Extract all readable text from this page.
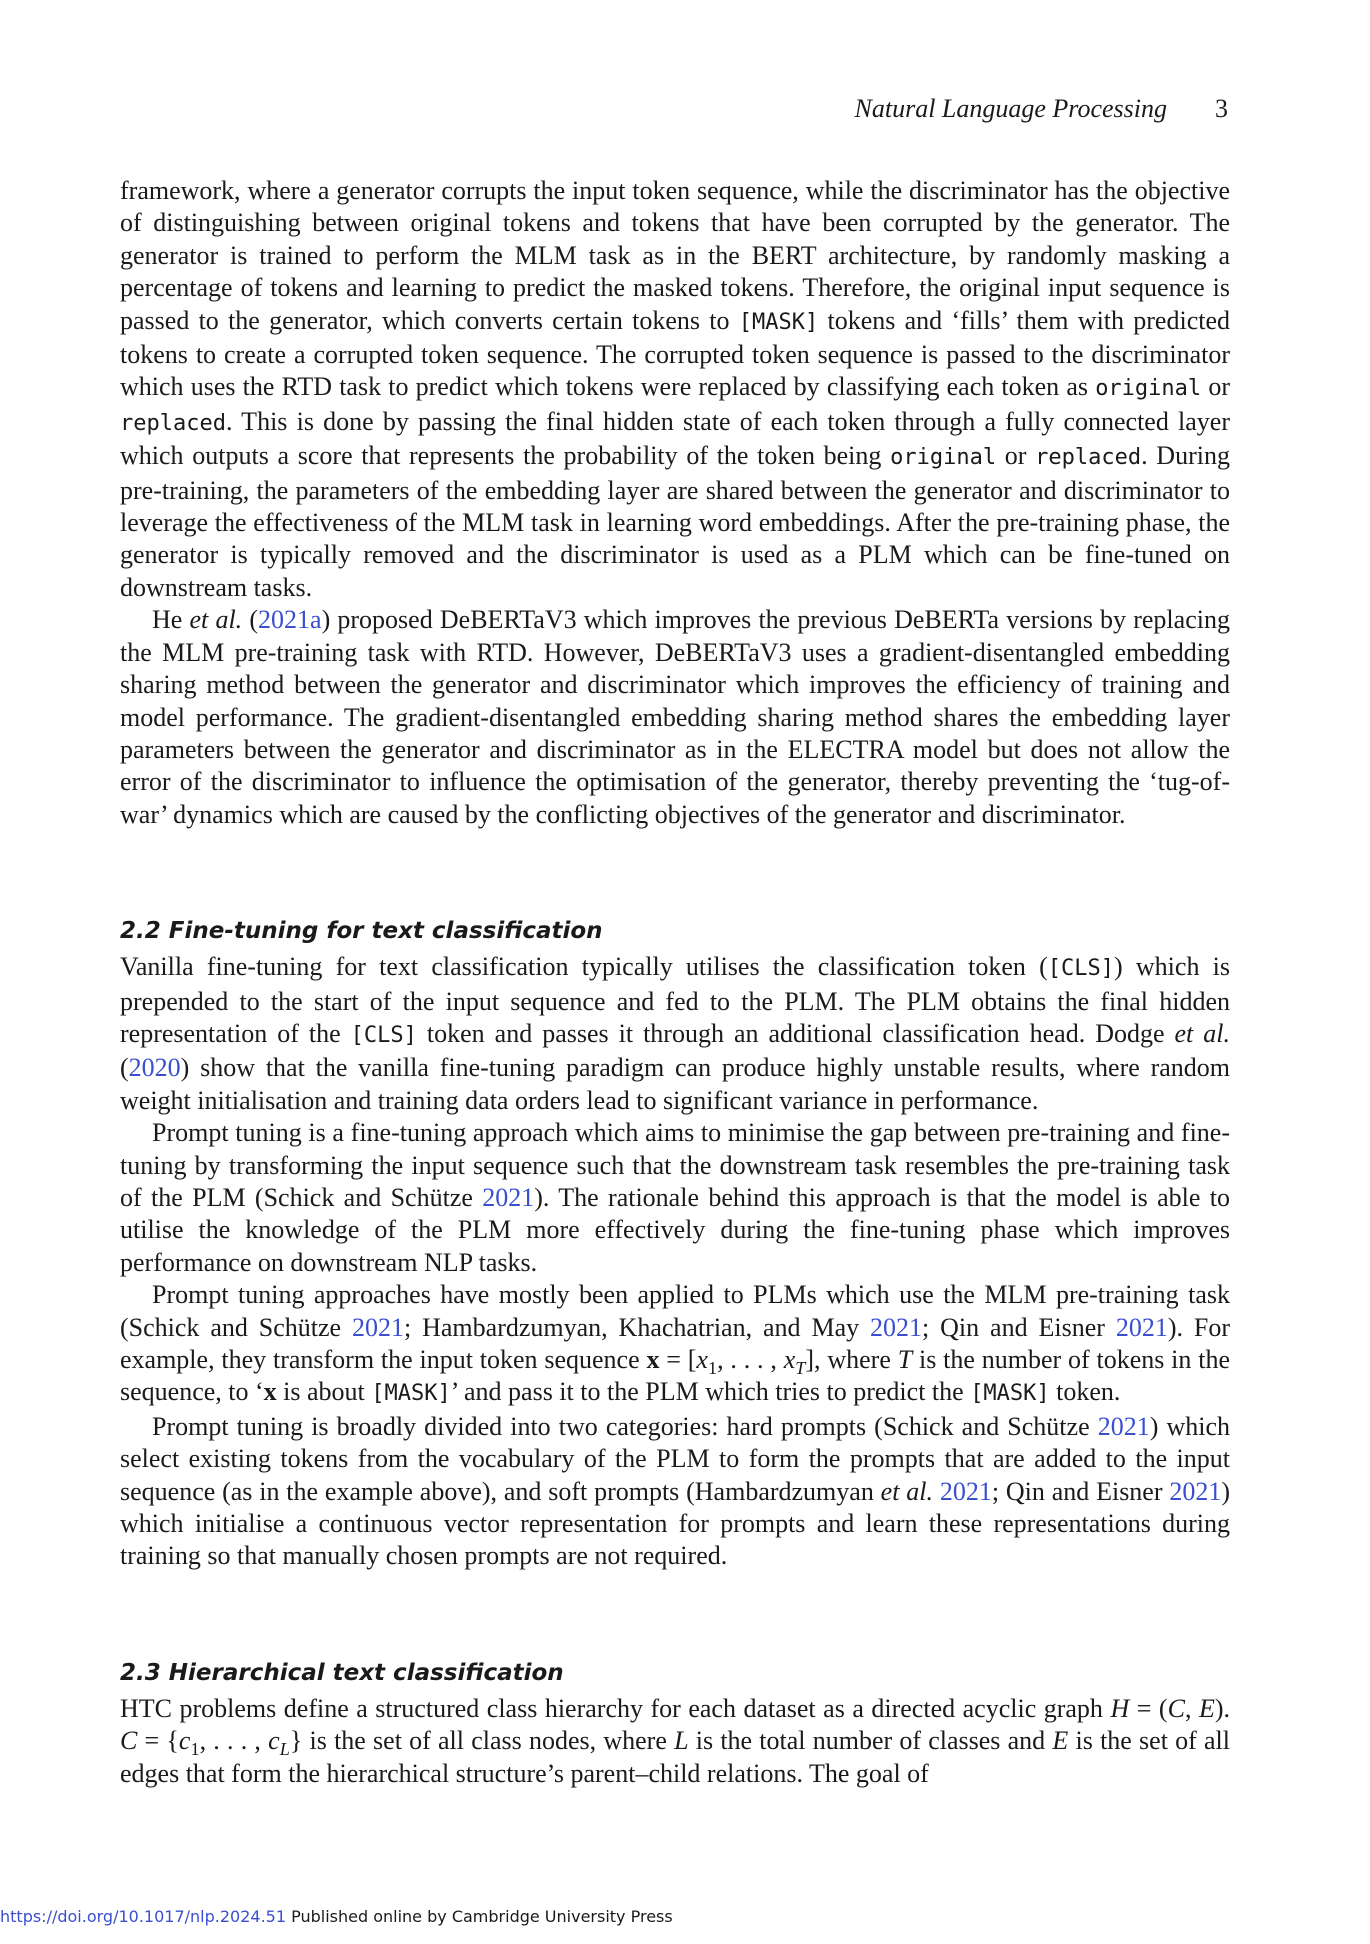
Natural Language Processing 3

framework, where a generator corrupts the input token sequence, while the discriminator has the objective of distinguishing between original tokens and tokens that have been corrupted by the generator. The generator is trained to perform the MLM task as in the BERT architecture, by randomly masking a percentage of tokens and learning to predict the masked tokens. Therefore, the original input sequence is passed to the generator, which converts certain tokens to [MASK] tokens and ‘fills’ them with predicted tokens to create a corrupted token sequence. The corrupted token sequence is passed to the discriminator which uses the RTD task to predict which tokens were replaced by classifying each token as original or replaced. This is done by passing the final hidden state of each token through a fully connected layer which outputs a score that represents the probability of the token being original or replaced. During pre-training, the parameters of the embedding layer are shared between the generator and discriminator to leverage the effectiveness of the MLM task in learning word embeddings. After the pre-training phase, the generator is typically removed and the discriminator is used as a PLM which can be fine-tuned on downstream tasks.

He et al. (2021a) proposed DeBERTaV3 which improves the previous DeBERTa versions by replacing the MLM pre-training task with RTD. However, DeBERTaV3 uses a gradient-disentangled embedding sharing method between the generator and discriminator which improves the efficiency of training and model performance. The gradient-disentangled embedding sharing method shares the embedding layer parameters between the generator and discriminator as in the ELECTRA model but does not allow the error of the discriminator to influence the optimisation of the generator, thereby preventing the ‘tug-of-war’ dynamics which are caused by the conflicting objectives of the generator and discriminator.

2.2 Fine-tuning for text classification

Vanilla fine-tuning for text classification typically utilises the classification token ([CLS]) which is prepended to the start of the input sequence and fed to the PLM. The PLM obtains the final hidden representation of the [CLS] token and passes it through an additional classification head. Dodge et al. (2020) show that the vanilla fine-tuning paradigm can produce highly unstable results, where random weight initialisation and training data orders lead to significant variance in performance.

Prompt tuning is a fine-tuning approach which aims to minimise the gap between pre-training and fine-tuning by transforming the input sequence such that the downstream task resembles the pre-training task of the PLM (Schick and Schütze 2021). The rationale behind this approach is that the model is able to utilise the knowledge of the PLM more effectively during the fine-tuning phase which improves performance on downstream NLP tasks.

Prompt tuning approaches have mostly been applied to PLMs which use the MLM pre-training task (Schick and Schütze 2021; Hambardzumyan, Khachatrian, and May 2021; Qin and Eisner 2021). For example, they transform the input token sequence $x = [x_1$, . . . , $x_T$], where T is the number of tokens in the sequence, to ‘x is about [MASK]’ and pass it to the PLM which tries to predict the [MASK] token.

Prompt tuning is broadly divided into two categories: hard prompts (Schick and Schütze 2021) which select existing tokens from the vocabulary of the PLM to form the prompts that are added to the input sequence (as in the example above), and soft prompts (Hambardzumyan et al. 2021; Qin and Eisner 2021) which initialise a continuous vector representation for prompts and learn these representations during training so that manually chosen prompts are not required.

2.3 Hierarchical text classification

HTC problems define a structured class hierarchy for each dataset as a directed acyclic graph H = (C, E). $C = \{c_1$, . . . , $c_L$} is the set of all class nodes, where L is the total number of classes and E is the set of all edges that form the hierarchical structure’s parent–child relations. The goal of

https://doi.org/10.1017/nlp.2024.51 Published online by Cambridge University Press
